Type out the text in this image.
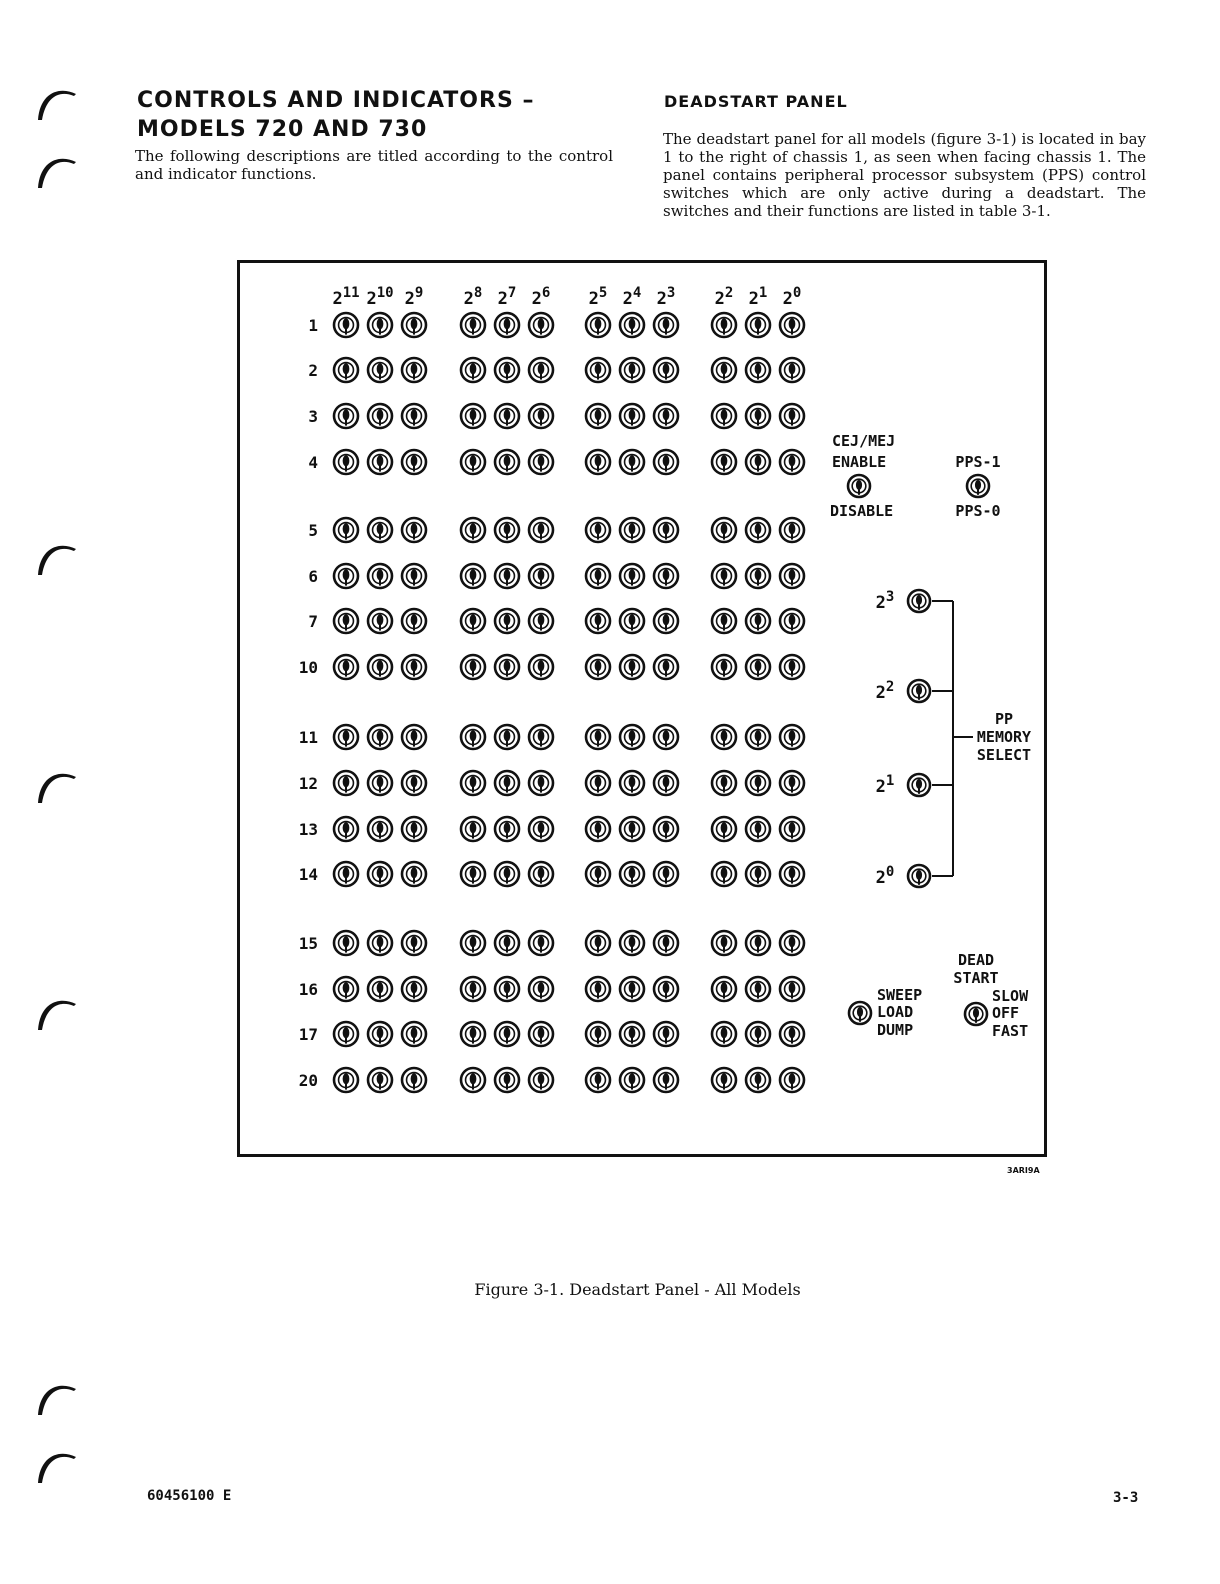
CONTROLS AND INDICATORS –
MODELS 720 AND 730

The following descriptions are titled according to the control and indicator functions.

DEADSTART PANEL

The deadstart panel for all models (figure 3-1) is located in bay 1 to the right of chassis 1, as seen when facing chassis 1. The panel contains peripheral processor subsystem (PPS) control switches which are only active during a deadstart. The switches and their functions are listed in table 3-1.

$2^{11}$ $2^{10}$ $2^9$ $2^8$ $2^7$ $2^6$ $2^5$ $2^4$ $2^3$ $2^2$ $2^1$ $2^0$
1
2
3
4
5
6
7
10
11
12
13
14
15
16
17
20
CEJ/MEJ
ENABLE
DISABLE
PPS-1
PPS-0
$2^3$
$2^2$
$2^1$
$2^0$
PP
MEMORY
SELECT
SWEEP
LOAD
DUMP
DEAD
START
SLOW
OFF
FAST
3ARI9A

Figure 3-1. Deadstart Panel - All Models

60456100 E	3-3
